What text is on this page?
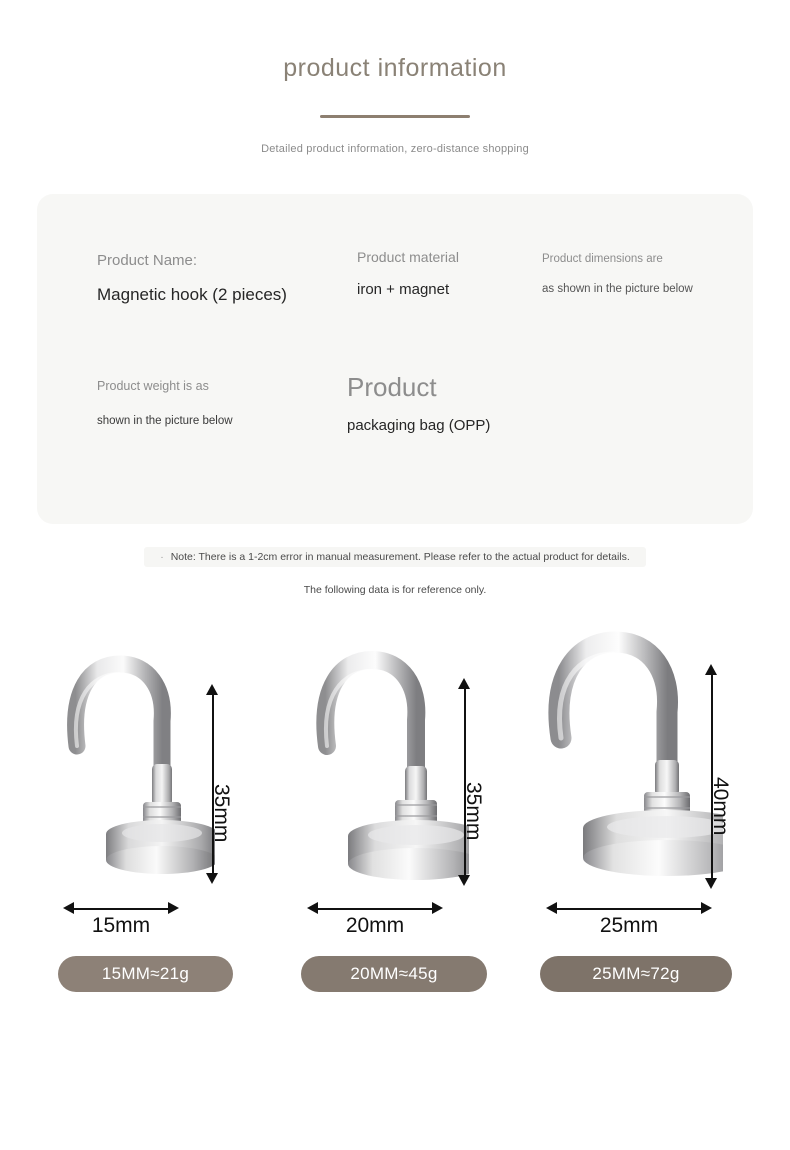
product information
Detailed product information, zero-distance shopping
Product Name:
Magnetic hook (2 pieces)
Product material
iron + magnet
Product dimensions are
as shown in the picture below
Product weight is as
shown in the picture below
Product
packaging bag (OPP)
· Note: There is a 1-2cm error in manual measurement. Please refer to the actual product for details.
The following data is for reference only.
35mm
15mm
15MM≈21g
35mm
20mm
20MM≈45g
40mm
25mm
25MM≈72g
